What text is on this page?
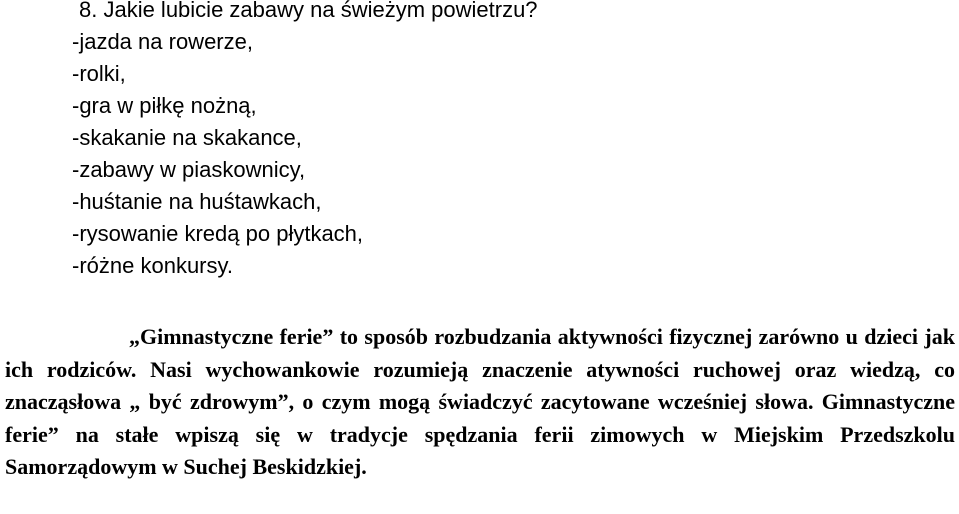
8. Jakie lubicie zabawy na świeżym powietrzu?
-jazda na rowerze,
-rolki,
-gra w piłkę nożną,
-skakanie na skakance,
-zabawy w piaskownicy,
-huśtanie na huśtawkach,
-rysowanie kredą po płytkach,
-różne konkursy.

„Gimnastyczne ferie” to sposób rozbudzania aktywności fizycznej zarówno u dzieci jak ich rodziców. Nasi wychowankowie rozumieją znaczenie atywności ruchowej oraz wiedzą, co znacząsłowa „ być zdrowym”, o czym mogą świadczyć zacytowane wcześniej słowa. Gimnastyczne ferie” na stałe wpiszą się w tradycje spędzania ferii zimowych w Miejskim Przedszkolu Samorządowym w Suchej Beskidzkiej.
